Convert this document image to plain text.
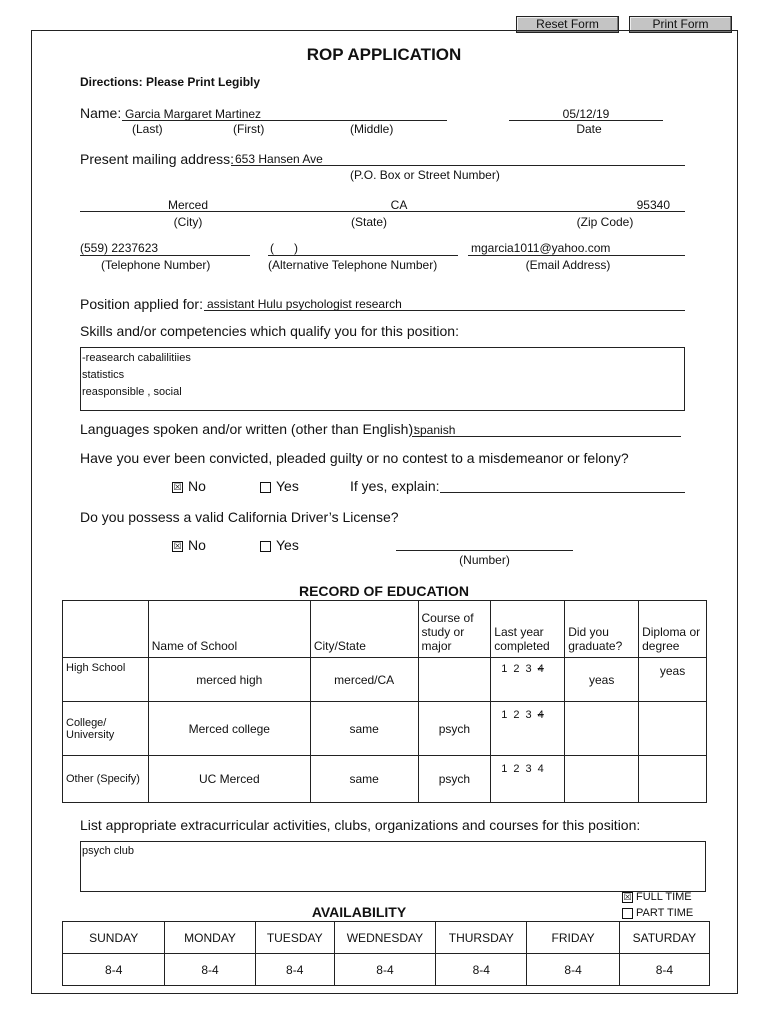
Reset Form	Print Form
ROP APPLICATION
Directions: Please Print Legibly
Name: Garcia Margaret Martinez
(Last)	(First)	(Middle)
05/12/19
Date
Present mailing address: 653 Hansen Ave
(P.O. Box or Street Number)
Merced	CA	95340
(City)	(State)	(Zip Code)
(559) 2237623
(Telephone Number)
(      )
(Alternative Telephone Number)
mgarcia1011@yahoo.com
(Email Address)
Position applied for: assistant Hulu psychologist research
Skills and/or competencies which qualify you for this position:
-reasearch cabalilitiies
statistics
reasponsible , social
Languages spoken and/or written (other than English):
spanish
Have you ever been convicted, pleaded guilty or no contest to a misdemeanor or felony?
☒ No	Yes	If yes, explain:
Do you possess a valid California Driver’s License?
☒ No	Yes
(Number)
RECORD OF EDUCATION
	Name of School	City/State	Course of study or major	Last year completed	Did you graduate?	Diploma or degree
High School	merced high	merced/CA		1 2 3 4	yeas	yeas
College/ University	Merced college	same	psych	1 2 3 4		
Other (Specify)	UC Merced	same	psych	1 2 3 4		
List appropriate extracurricular activities, clubs, organizations and courses for this position:
psych club
AVAILABILITY
☒ FULL TIME
PART TIME
SUNDAY	MONDAY	TUESDAY	WEDNESDAY	THURSDAY	FRIDAY	SATURDAY
8-4	8-4	8-4	8-4	8-4	8-4	8-4
